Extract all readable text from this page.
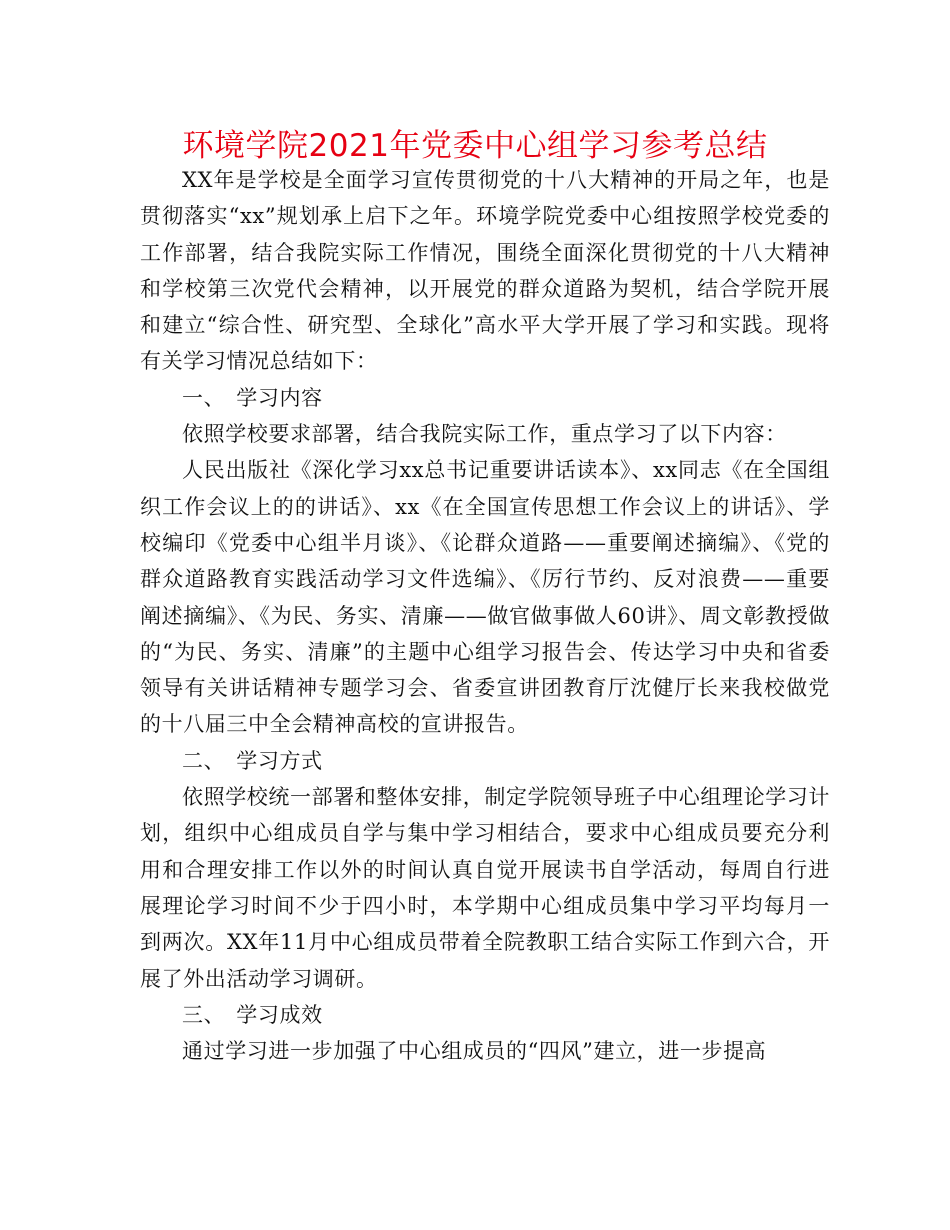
环境学院2021年党委中心组学习参考总结

XX年是学校是全面学习宣传贯彻党的十八大精神的开局之年，也是贯彻落实“xx”规划承上启下之年。环境学院党委中心组按照学校党委的工作部署，结合我院实际工作情况，围绕全面深化贯彻党的十八大精神和学校第三次党代会精神，以开展党的群众道路为契机，结合学院开展和建立“综合性、研究型、全球化”高水平大学开展了学习和实践。现将有关学习情况总结如下：

一、　学习内容

依照学校要求部署，结合我院实际工作，重点学习了以下内容：

人民出版社《深化学习xx总书记重要讲话读本》、xx同志《在全国组织工作会议上的的讲话》、xx《在全国宣传思想工作会议上的讲话》、学校编印《党委中心组半月谈》、《论群众道路——重要阐述摘编》、《党的群众道路教育实践活动学习文件选编》、《厉行节约、反对浪费——重要阐述摘编》、《为民、务实、清廉——做官做事做人60讲》、周文彰教授做的“为民、务实、清廉”的主题中心组学习报告会、传达学习中央和省委领导有关讲话精神专题学习会、省委宣讲团教育厅沈健厅长来我校做党的十八届三中全会精神高校的宣讲报告。

二、　学习方式

依照学校统一部署和整体安排，制定学院领导班子中心组理论学习计划，组织中心组成员自学与集中学习相结合，要求中心组成员要充分利用和合理安排工作以外的时间认真自觉开展读书自学活动，每周自行进展理论学习时间不少于四小时，本学期中心组成员集中学习平均每月一到两次。XX年11月中心组成员带着全院教职工结合实际工作到六合，开展了外出活动学习调研。

三、　学习成效

通过学习进一步加强了中心组成员的“四风”建立，进一步提高
